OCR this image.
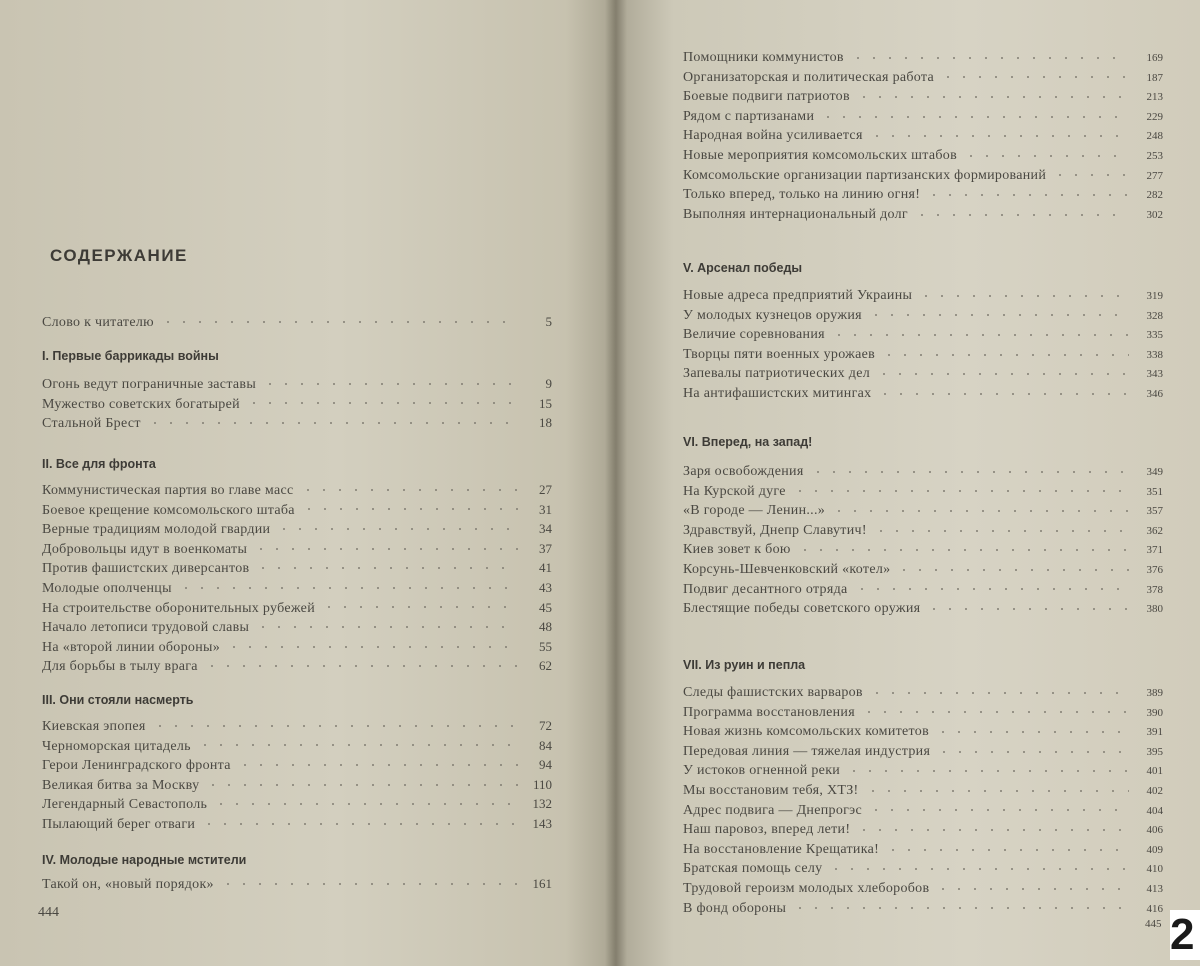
СОДЕРЖАНИЕ
Слово к читателю	5
I. Первые баррикады войны
Огонь ведут пограничные заставы	9
Мужество советских богатырей	15
Стальной Брест	18
II. Все для фронта
Коммунистическая партия во главе масс	27
Боевое крещение комсомольского штаба	31
Верные традициям молодой гвардии	34
Добровольцы идут в военкоматы	37
Против фашистских диверсантов	41
Молодые ополченцы	43
На строительстве оборонительных рубежей	45
Начало летописи трудовой славы	48
На «второй линии обороны»	55
Для борьбы в тылу врага	62
III. Они стояли насмерть
Киевская эпопея	72
Черноморская цитадель	84
Герои Ленинградского фронта	94
Великая битва за Москву	110
Легендарный Севастополь	132
Пылающий берег отваги	143
IV. Молодые народные мстители
Такой он, «новый порядок»	161
444
Помощники коммунистов	169
Организаторская и политическая работа	187
Боевые подвиги патриотов	213
Рядом с партизанами	229
Народная война усиливается	248
Новые мероприятия комсомольских штабов	253
Комсомольские организации партизанских формирований	277
Только вперед, только на линию огня!	282
Выполняя интернациональный долг	302
V. Арсенал победы
Новые адреса предприятий Украины	319
У молодых кузнецов оружия	328
Величие соревнования	335
Творцы пяти военных урожаев	338
Запевалы патриотических дел	343
На антифашистских митингах	346
VI. Вперед, на запад!
Заря освобождения	349
На Курской дуге	351
«В городе — Ленин...»	357
Здравствуй, Днепр Славутич!	362
Киев зовет к бою	371
Корсунь-Шевченковский «котел»	376
Подвиг десантного отряда	378
Блестящие победы советского оружия	380
VII. Из руин и пепла
Следы фашистских варваров	389
Программа восстановления	390
Новая жизнь комсомольских комитетов	391
Передовая линия — тяжелая индустрия	395
У истоков огненной реки	401
Мы восстановим тебя, ХТЗ!	402
Адрес подвига — Днепрогэс	404
Наш паровоз, вперед лети!	406
На восстановление Крещатика!	409
Братская помощь селу	410
Трудовой героизм молодых хлеборобов	413
В фонд обороны	416
445 2
